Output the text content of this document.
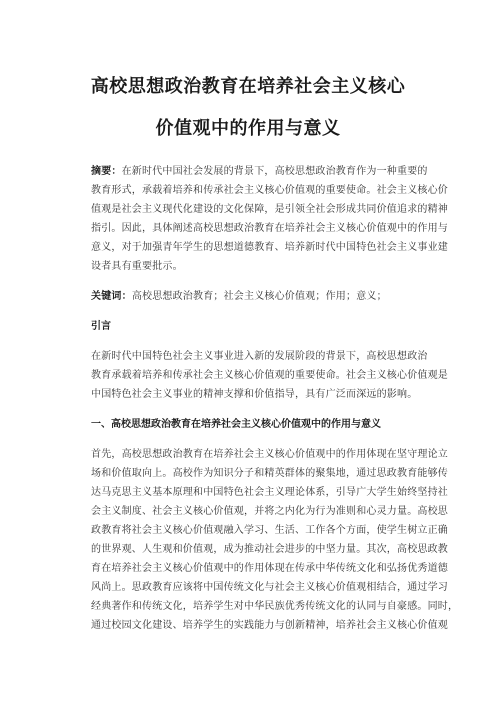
高校思想政治教育在培养社会主义核心
价值观中的作用与意义
摘要：在新时代中国社会发展的背景下，高校思想政治教育作为一种重要的
教育形式，承载着培养和传承社会主义核心价值观的重要使命。社会主义核心价
值观是社会主义现代化建设的文化保障，是引领全社会形成共同价值追求的精神
指引。因此，具体阐述高校思想政治教育在培养社会主义核心价值观中的作用与
意义，对于加强青年学生的思想道德教育、培养新时代中国特色社会主义事业建
设者具有重要批示。
关键词：高校思想政治教育；社会主义核心价值观；作用；意义；
引言
在新时代中国特色社会主义事业进入新的发展阶段的背景下，高校思想政治
教育承载着培养和传承社会主义核心价值观的重要使命。社会主义核心价值观是
中国特色社会主义事业的精神支撑和价值指导，具有广泛而深远的影响。
一、高校思想政治教育在培养社会主义核心价值观中的作用与意义
首先，高校思想政治教育在培养社会主义核心价值观中的作用体现在坚守理论立
场和价值取向上。高校作为知识分子和精英群体的聚集地，通过思政教育能够传
达马克思主义基本原理和中国特色社会主义理论体系，引导广大学生始终坚持社
会主义制度、社会主义核心价值观，并将之内化为行为准则和心灵力量。高校思
政教育将社会主义核心价值观融入学习、生活、工作各个方面，使学生树立正确
的世界观、人生观和价值观，成为推动社会进步的中坚力量。其次，高校思政教
育在培养社会主义核心价值观中的作用体现在传承中华传统文化和弘扬优秀道德
风尚上。思政教育应该将中国传统文化与社会主义核心价值观相结合，通过学习
经典著作和传统文化，培养学生对中华民族优秀传统文化的认同与自豪感。同时，
通过校园文化建设、培养学生的实践能力与创新精神，培养社会主义核心价值观
